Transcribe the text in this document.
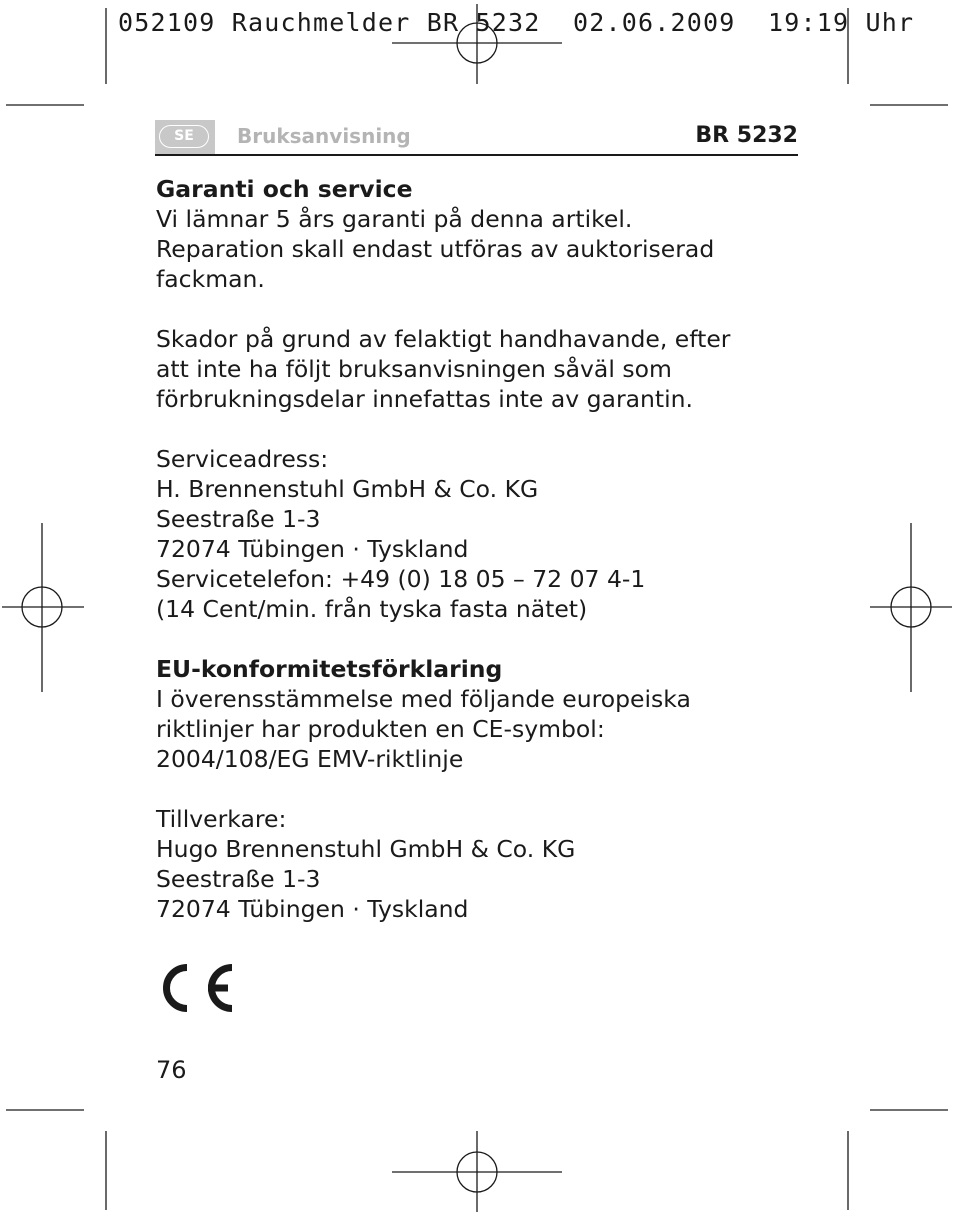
052109 Rauchmelder BR 5232  02.06.2009  19:19 Uhr
SE	Bruksanvisning	BR 5232
Garanti och service
Vi lämnar 5 års garanti på denna artikel.
Reparation skall endast utföras av auktoriserad
fackman.
Skador på grund av felaktigt handhavande, efter
att inte ha följt bruksanvisningen såväl som
förbrukningsdelar innefattas inte av garantin.
Serviceadress:
H. Brennenstuhl GmbH & Co. KG
Seestraße 1-3
72074 Tübingen · Tyskland
Servicetelefon: +49 (0) 18 05 – 72 07 4-1
(14 Cent/min. från tyska fasta nätet)
EU-konformitetsförklaring
I överensstämmelse med följande europeiska
riktlinjer har produkten en CE-symbol:
2004/108/EG EMV-riktlinje
Tillverkare:
Hugo Brennenstuhl GmbH & Co. KG
Seestraße 1-3
72074 Tübingen · Tyskland
76
